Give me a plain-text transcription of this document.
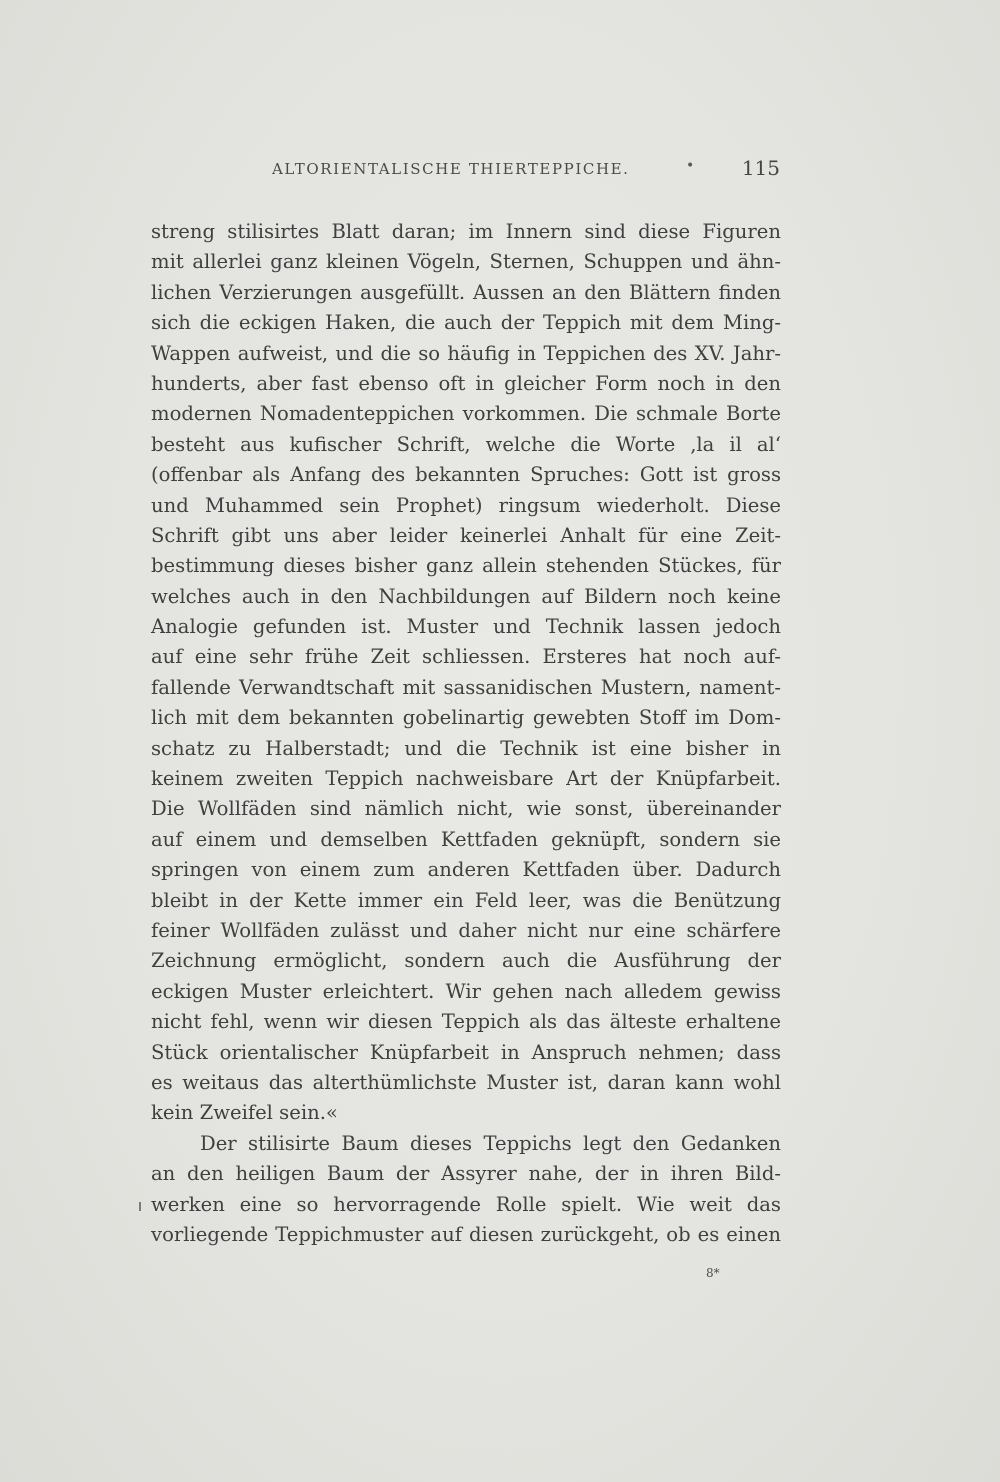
ALTORIENTALISCHE THIERTEPPICHE.	• 115
streng stilisirtes Blatt daran; im Innern sind diese Figuren
mit allerlei ganz kleinen Vögeln, Sternen, Schuppen und ähn-
lichen Verzierungen ausgefüllt. Aussen an den Blättern finden
sich die eckigen Haken, die auch der Teppich mit dem Ming-
Wappen aufweist, und die so häufig in Teppichen des XV. Jahr-
hunderts, aber fast ebenso oft in gleicher Form noch in den
modernen Nomadenteppichen vorkommen. Die schmale Borte
besteht aus kufischer Schrift, welche die Worte ‚la il al‘
(offenbar als Anfang des bekannten Spruches: Gott ist gross
und Muhammed sein Prophet) ringsum wiederholt. Diese
Schrift gibt uns aber leider keinerlei Anhalt für eine Zeit-
bestimmung dieses bisher ganz allein stehenden Stückes, für
welches auch in den Nachbildungen auf Bildern noch keine
Analogie gefunden ist. Muster und Technik lassen jedoch
auf eine sehr frühe Zeit schliessen. Ersteres hat noch auf-
fallende Verwandtschaft mit sassanidischen Mustern, nament-
lich mit dem bekannten gobelinartig gewebten Stoff im Dom-
schatz zu Halberstadt; und die Technik ist eine bisher in
keinem zweiten Teppich nachweisbare Art der Knüpfarbeit.
Die Wollfäden sind nämlich nicht, wie sonst, übereinander
auf einem und demselben Kettfaden geknüpft, sondern sie
springen von einem zum anderen Kettfaden über. Dadurch
bleibt in der Kette immer ein Feld leer, was die Benützung
feiner Wollfäden zulässt und daher nicht nur eine schärfere
Zeichnung ermöglicht, sondern auch die Ausführung der
eckigen Muster erleichtert. Wir gehen nach alledem gewiss
nicht fehl, wenn wir diesen Teppich als das älteste erhaltene
Stück orientalischer Knüpfarbeit in Anspruch nehmen; dass
es weitaus das alterthümlichste Muster ist, daran kann wohl
kein Zweifel sein.«
Der stilisirte Baum dieses Teppichs legt den Gedanken
an den heiligen Baum der Assyrer nahe, der in ihren Bild-
werken eine so hervorragende Rolle spielt. Wie weit das
vorliegende Teppichmuster auf diesen zurückgeht, ob es einen
8*
